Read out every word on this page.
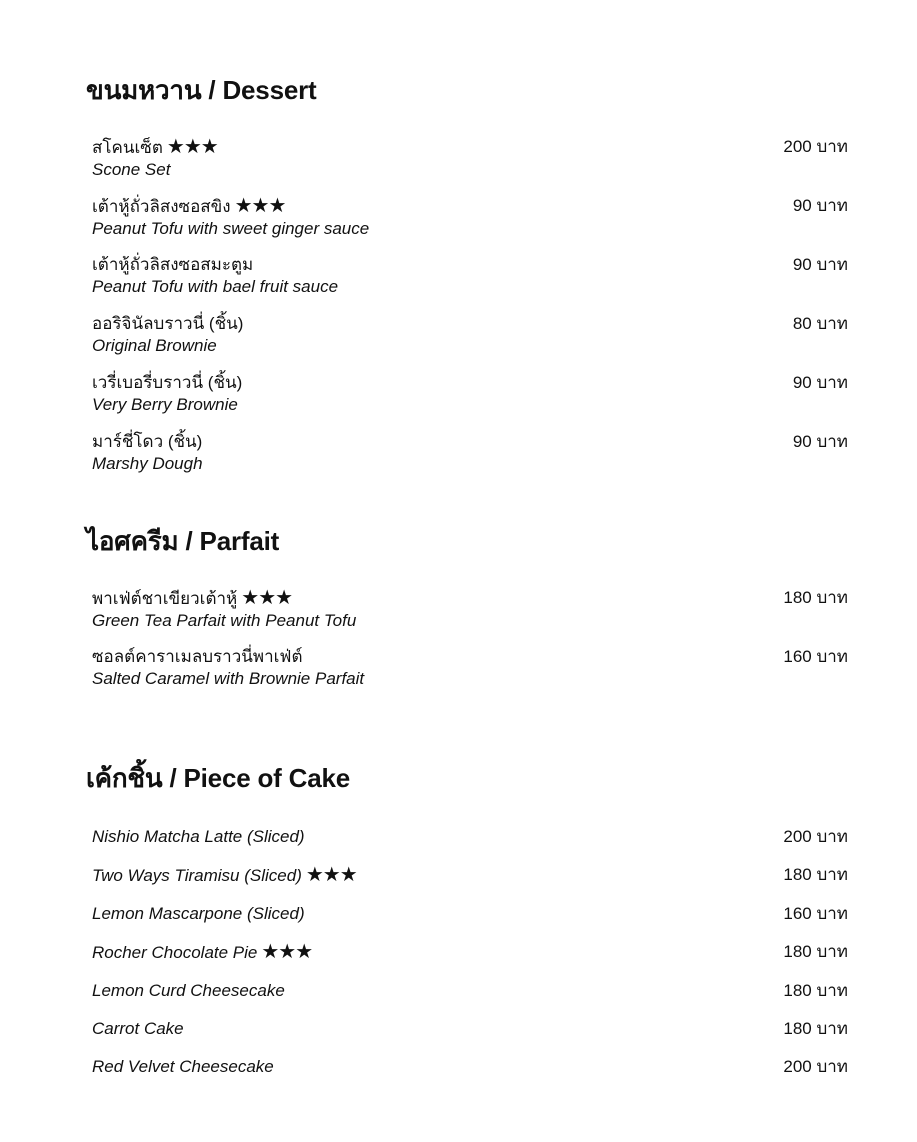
ขนมหวาน / Dessert
สโคนเซ็ต ★★★
Scone Set
200 บาท
เต้าหู้ถั่วลิสงซอสขิง ★★★
Peanut Tofu with sweet ginger sauce
90 บาท
เต้าหู้ถั่วลิสงซอสมะตูม
Peanut Tofu with bael fruit sauce
90 บาท
ออริจินัลบราวนี่ (ชิ้น)
Original Brownie
80 บาท
เวรี่เบอรี่บราวนี่ (ชิ้น)
Very Berry Brownie
90 บาท
มาร์ชี่โดว (ชิ้น)
Marshy Dough
90 บาท
ไอศครีม / Parfait
พาเฟ่ต์ชาเขียวเต้าหู้ ★★★
Green Tea Parfait with Peanut Tofu
180 บาท
ซอลต์คาราเมลบราวนี่พาเฟ่ต์
Salted Caramel with Brownie Parfait
160 บาท
เค้กชิ้น / Piece of Cake
Nishio Matcha Latte (Sliced)	200 บาท
Two Ways Tiramisu (Sliced) ★★★	180 บาท
Lemon Mascarpone (Sliced)	160 บาท
Rocher Chocolate Pie ★★★	180 บาท
Lemon Curd Cheesecake	180 บาท
Carrot Cake	180 บาท
Red Velvet Cheesecake	200 บาท
